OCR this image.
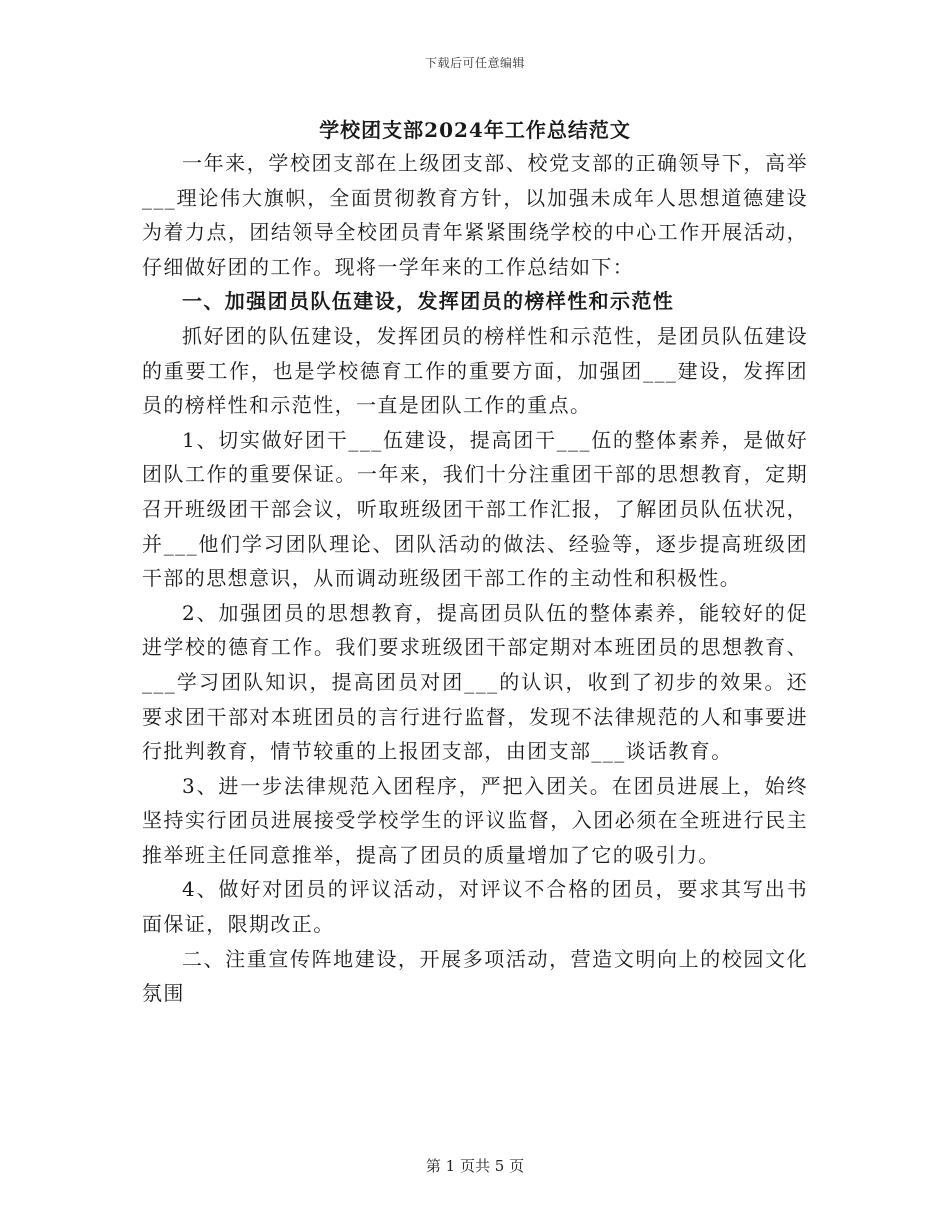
下载后可任意编辑
学校团支部2024年工作总结范文

一年来，学校团支部在上级团支部、校党支部的正确领导下，高举___理论伟大旗帜，全面贯彻教育方针，以加强未成年人思想道德建设为着力点，团结领导全校团员青年紧紧围绕学校的中心工作开展活动，仔细做好团的工作。现将一学年来的工作总结如下：

一、加强团员队伍建设，发挥团员的榜样性和示范性

抓好团的队伍建设，发挥团员的榜样性和示范性，是团员队伍建设的重要工作，也是学校德育工作的重要方面，加强团___建设，发挥团员的榜样性和示范性，一直是团队工作的重点。

1、切实做好团干___伍建设，提高团干___伍的整体素养，是做好团队工作的重要保证。一年来，我们十分注重团干部的思想教育，定期召开班级团干部会议，听取班级团干部工作汇报，了解团员队伍状况，并___他们学习团队理论、团队活动的做法、经验等，逐步提高班级团干部的思想意识，从而调动班级团干部工作的主动性和积极性。

2、加强团员的思想教育，提高团员队伍的整体素养，能较好的促进学校的德育工作。我们要求班级团干部定期对本班团员的思想教育、___学习团队知识，提高团员对团___的认识，收到了初步的效果。还要求团干部对本班团员的言行进行监督，发现不法律规范的人和事要进行批判教育，情节较重的上报团支部，由团支部___谈话教育。

3、进一步法律规范入团程序，严把入团关。在团员进展上，始终坚持实行团员进展接受学校学生的评议监督，入团必须在全班进行民主推举班主任同意推举，提高了团员的质量增加了它的吸引力。

4、做好对团员的评议活动，对评议不合格的团员，要求其写出书面保证，限期改正。

二、注重宣传阵地建设，开展多项活动，营造文明向上的校园文化氛围

第 1 页共 5 页
